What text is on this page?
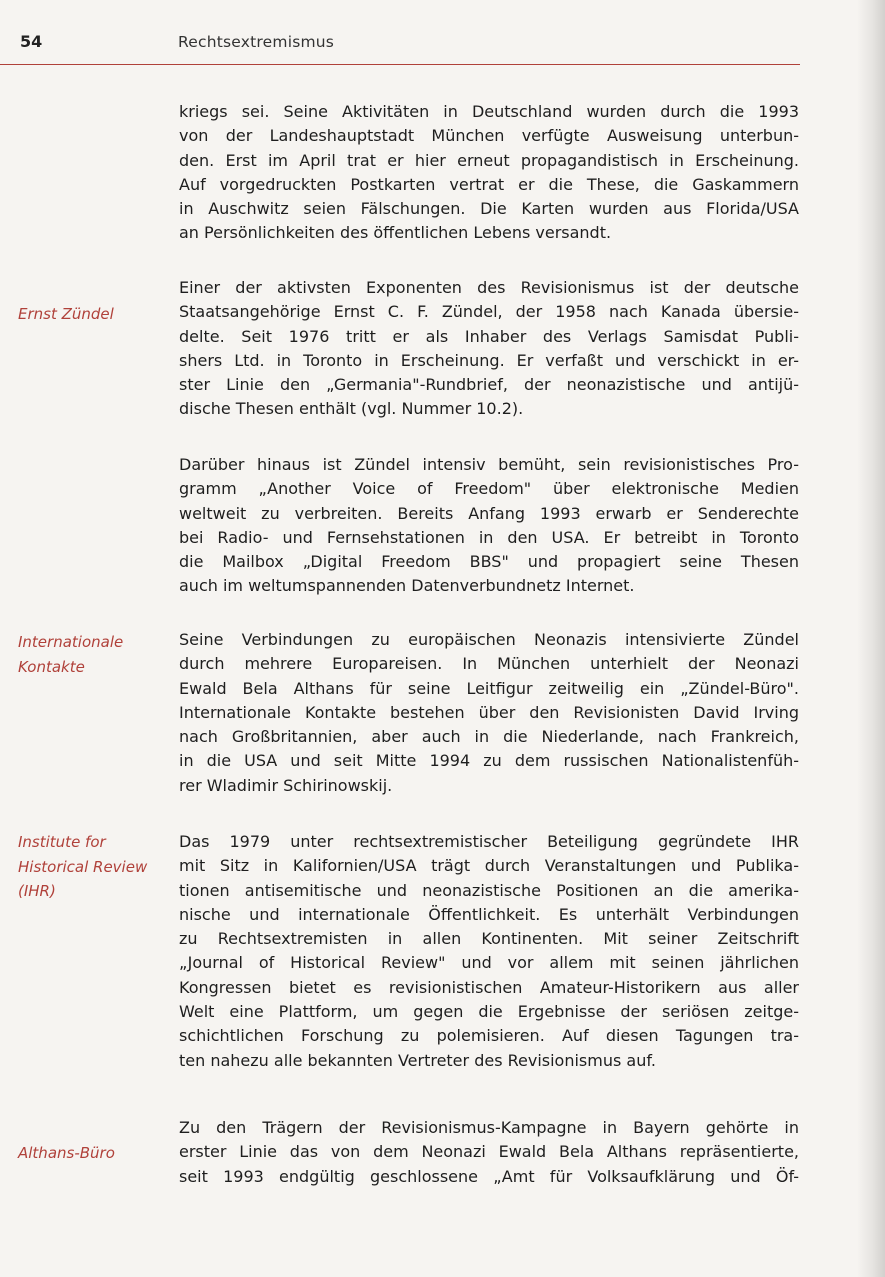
54	Rechtsextremismus
Ernst Zündel
Internationale
Kontakte
Institute for
Historical Review
(IHR)
Althans-Büro
kriegs sei. Seine Aktivitäten in Deutschland wurden durch die 1993
von der Landeshauptstadt München verfügte Ausweisung unterbun-
den. Erst im April trat er hier erneut propagandistisch in Erscheinung.
Auf vorgedruckten Postkarten vertrat er die These, die Gaskammern
in Auschwitz seien Fälschungen. Die Karten wurden aus Florida/USA
an Persönlichkeiten des öffentlichen Lebens versandt.
Einer der aktivsten Exponenten des Revisionismus ist der deutsche
Staatsangehörige Ernst C. F. Zündel, der 1958 nach Kanada übersie-
delte. Seit 1976 tritt er als Inhaber des Verlags Samisdat Publi-
shers Ltd. in Toronto in Erscheinung. Er verfaßt und verschickt in er-
ster Linie den „Germania"-Rundbrief, der neonazistische und antijü-
dische Thesen enthält (vgl. Nummer 10.2).
Darüber hinaus ist Zündel intensiv bemüht, sein revisionistisches Pro-
gramm „Another Voice of Freedom" über elektronische Medien
weltweit zu verbreiten. Bereits Anfang 1993 erwarb er Senderechte
bei Radio- und Fernsehstationen in den USA. Er betreibt in Toronto
die Mailbox „Digital Freedom BBS" und propagiert seine Thesen
auch im weltumspannenden Datenverbundnetz Internet.
Seine Verbindungen zu europäischen Neonazis intensivierte Zündel
durch mehrere Europareisen. In München unterhielt der Neonazi
Ewald Bela Althans für seine Leitfigur zeitweilig ein „Zündel-Büro".
Internationale Kontakte bestehen über den Revisionisten David Irving
nach Großbritannien, aber auch in die Niederlande, nach Frankreich,
in die USA und seit Mitte 1994 zu dem russischen Nationalistenfüh-
rer Wladimir Schirinowskij.
Das 1979 unter rechtsextremistischer Beteiligung gegründete IHR
mit Sitz in Kalifornien/USA trägt durch Veranstaltungen und Publika-
tionen antisemitische und neonazistische Positionen an die amerika-
nische und internationale Öffentlichkeit. Es unterhält Verbindungen
zu Rechtsextremisten in allen Kontinenten. Mit seiner Zeitschrift
„Journal of Historical Review" und vor allem mit seinen jährlichen
Kongressen bietet es revisionistischen Amateur-Historikern aus aller
Welt eine Plattform, um gegen die Ergebnisse der seriösen zeitge-
schichtlichen Forschung zu polemisieren. Auf diesen Tagungen tra-
ten nahezu alle bekannten Vertreter des Revisionismus auf.
Zu den Trägern der Revisionismus-Kampagne in Bayern gehörte in
erster Linie das von dem Neonazi Ewald Bela Althans repräsentierte,
seit 1993 endgültig geschlossene „Amt für Volksaufklärung und Öf-
